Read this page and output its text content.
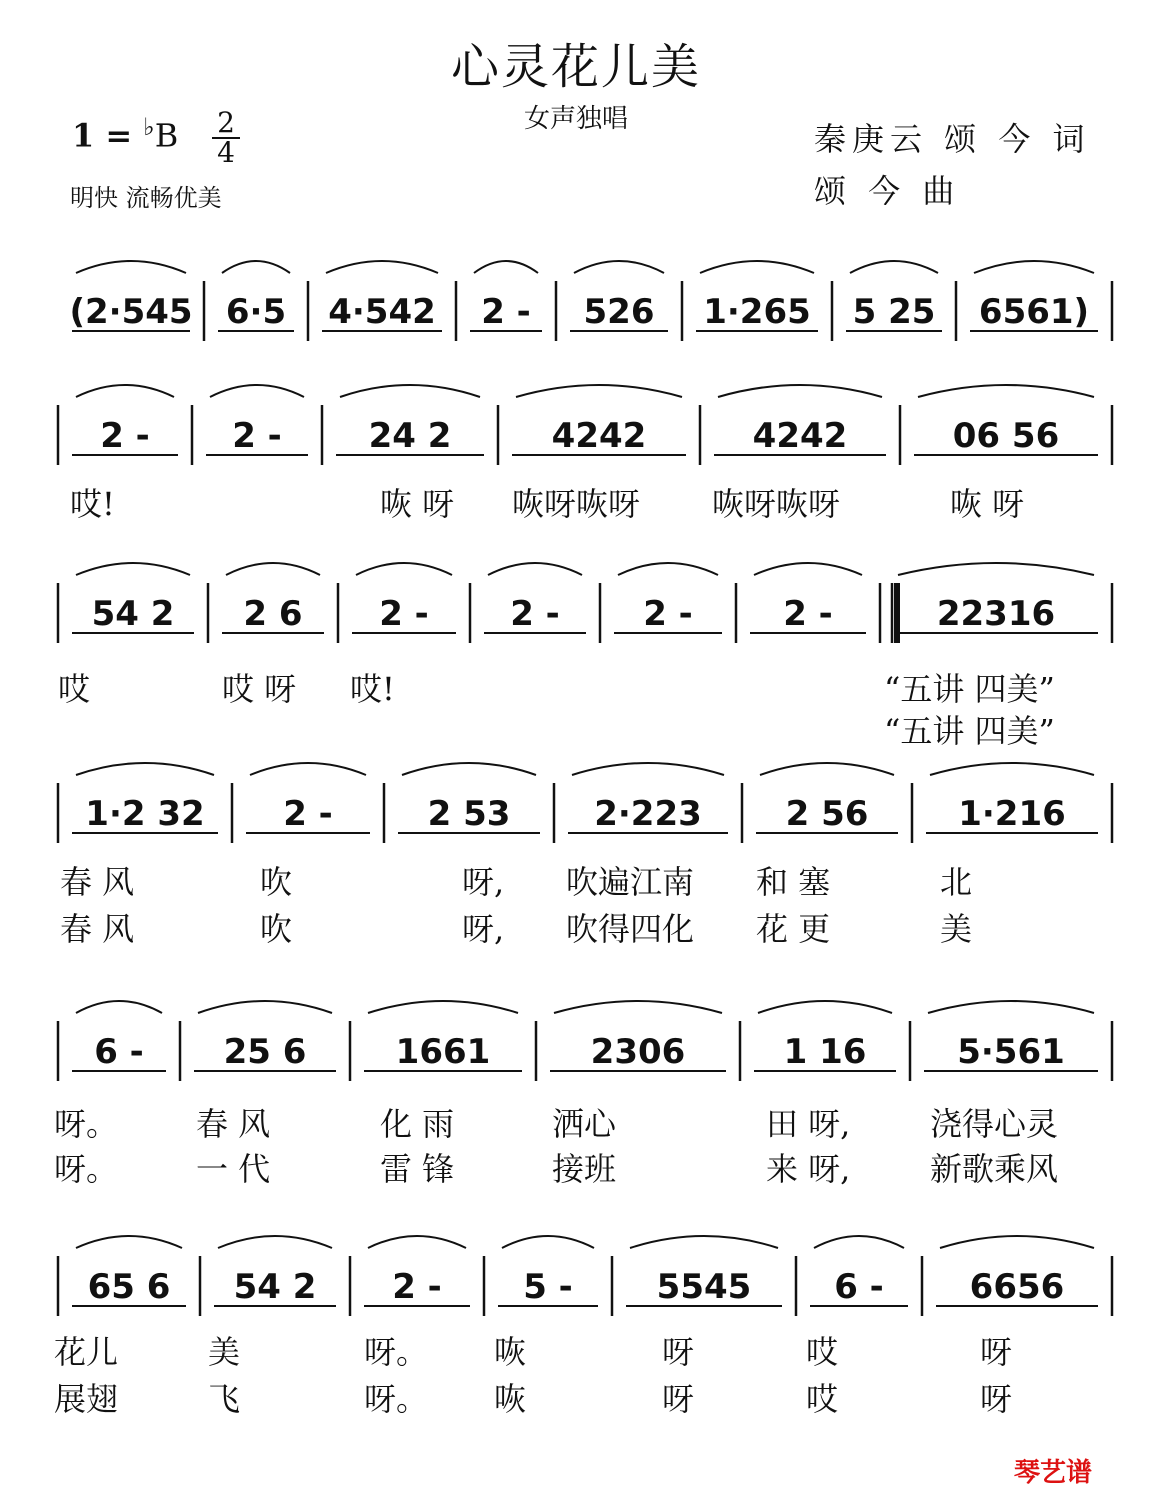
心灵花儿美
女声独唱
1 = ♭B 2
4
明快 流畅优美
秦庚云 颂 今 词
颂 今 曲
琴艺谱
(2·545 6·5 4·542 2 - 526 1·265 5 25 6561)
2 - 2 -	24 2	4242	4242	06 56
哎!	咴 呀 咴呀咴呀 咴呀咴呀	咴 呀
54 2 2 6 2 - 2 - 2 -	2 -	22316
哎	哎 呀 哎!	“五讲 四美”
“五讲 四美”
1·2 32 2 -	2 53 2·223 2 56	1·216
春 风	吹	呀, 吹遍江南 和 塞	北
春 风	吹	呀, 吹得四化 花 更	美
6 - 25 6	1661	2306	1 16	5·561
呀。 春 风	化 雨	洒心	田 呀, 浇得心灵
呀。 一 代	雷 锋	接班	来 呀, 新歌乘风
65 6 54 2 2 - 5 - 5545 6 -	6656
花儿	美	呀。 咴	呀	哎	呀
展翅	飞	呀。 咴	呀	哎	呀
